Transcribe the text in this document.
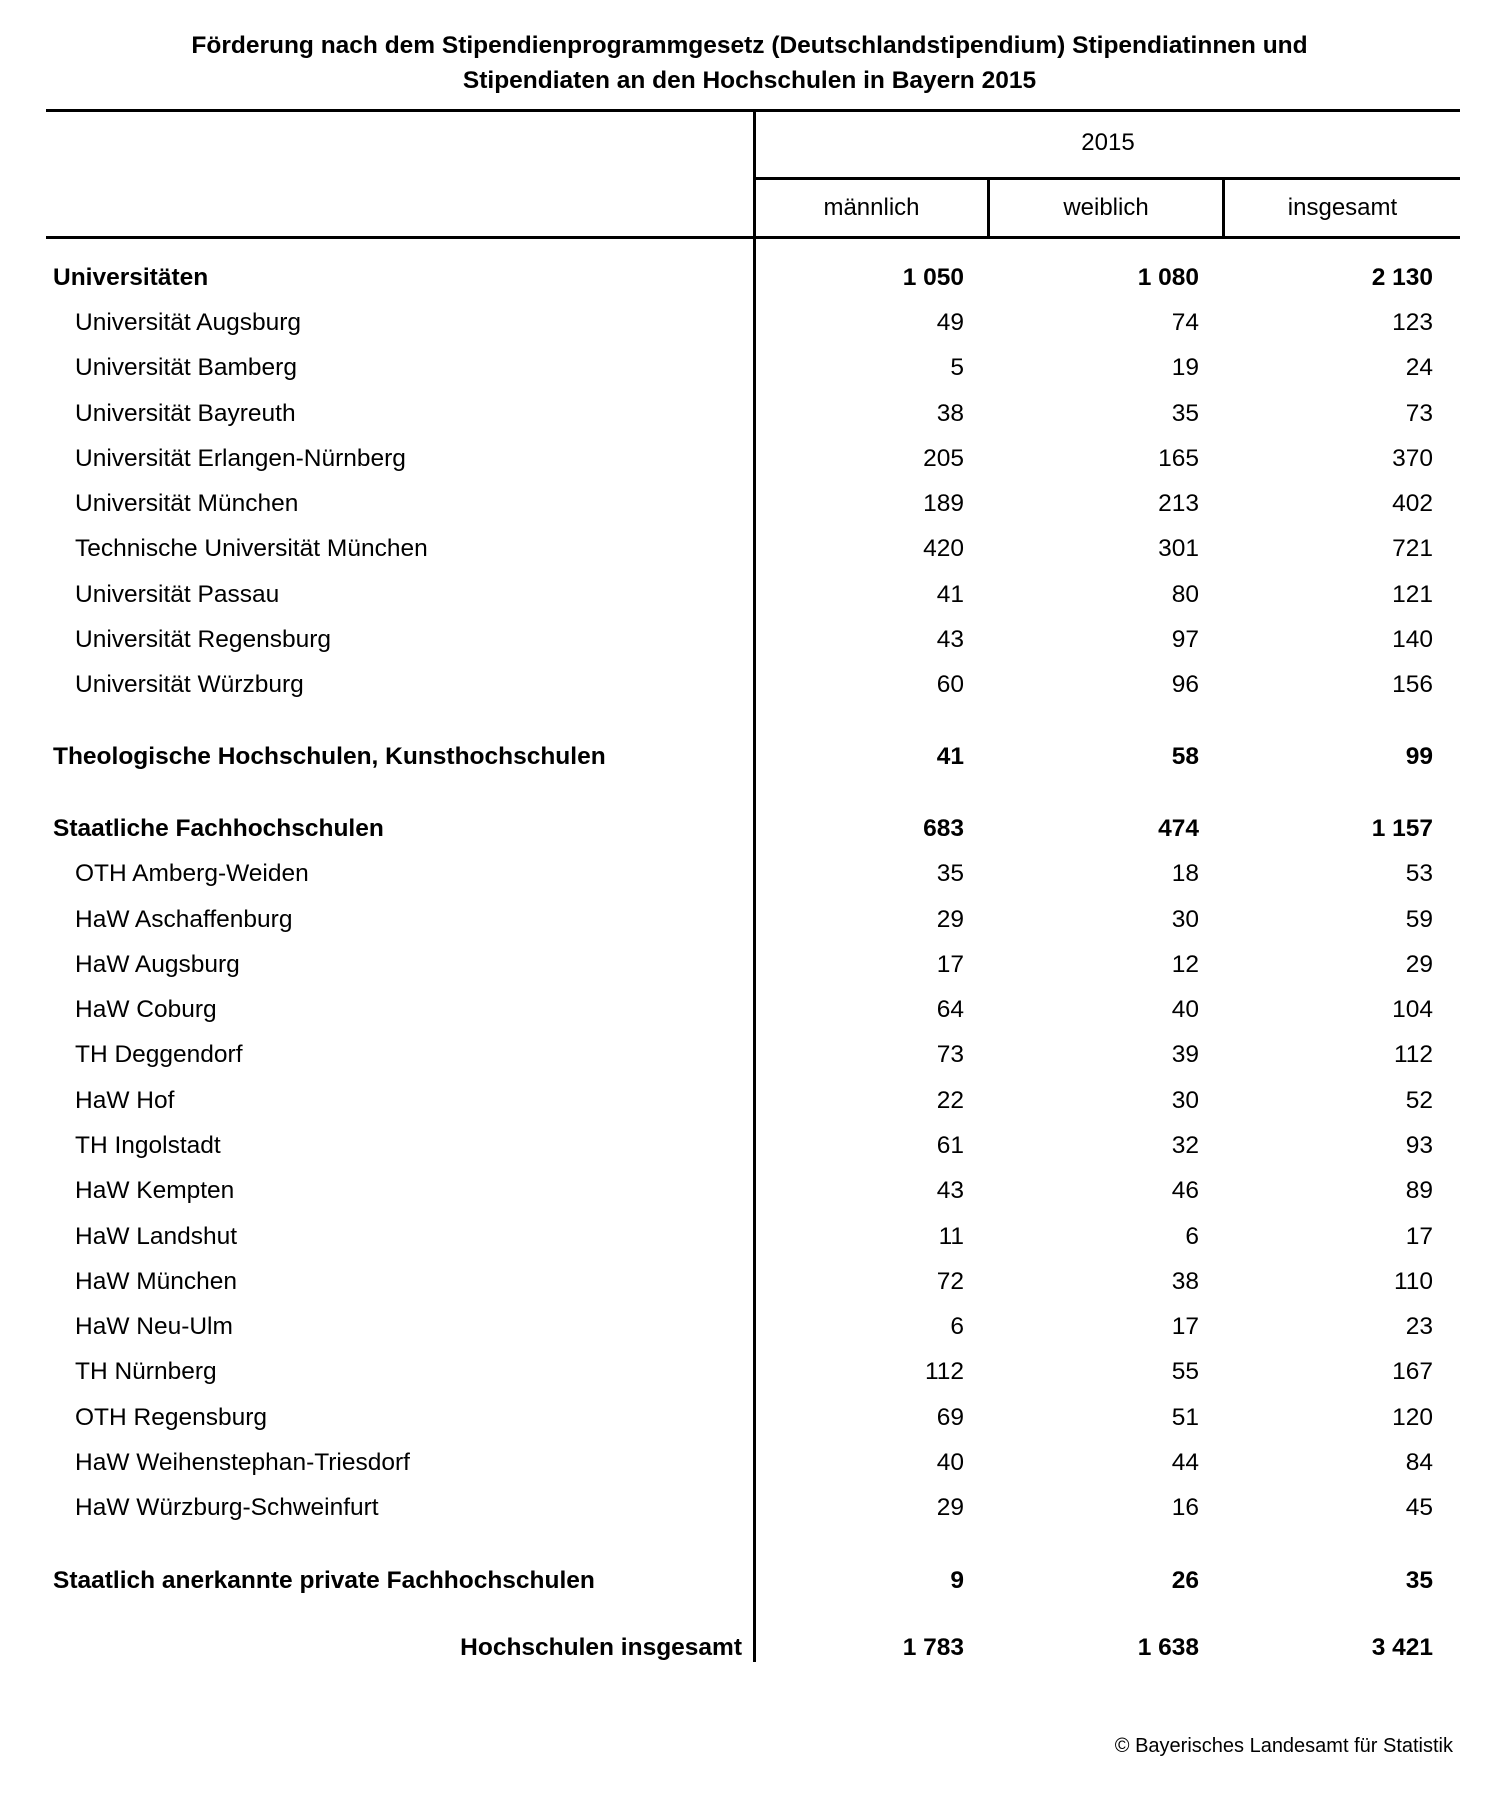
Förderung nach dem Stipendienprogrammgesetz (Deutschlandstipendium) Stipendiatinnen und
Stipendiaten an den Hochschulen in Bayern 2015
2015
männlich	weiblich	insgesamt
Universitäten	1 050	1 080	2 130
Universität Augsburg	49	74	123
Universität Bamberg	5	19	24
Universität Bayreuth	38	35	73
Universität Erlangen-Nürnberg	205	165	370
Universität München	189	213	402
Technische Universität München	420	301	721
Universität Passau	41	80	121
Universität Regensburg	43	97	140
Universität Würzburg	60	96	156
Theologische Hochschulen, Kunsthochschulen	41	58	99
Staatliche Fachhochschulen	683	474	1 157
OTH Amberg-Weiden	35	18	53
HaW Aschaffenburg	29	30	59
HaW Augsburg	17	12	29
HaW Coburg	64	40	104
TH Deggendorf	73	39	112
HaW Hof	22	30	52
TH Ingolstadt	61	32	93
HaW Kempten	43	46	89
HaW Landshut	11	6	17
HaW München	72	38	110
HaW Neu-Ulm	6	17	23
TH Nürnberg	112	55	167
OTH Regensburg	69	51	120
HaW Weihenstephan-Triesdorf	40	44	84
HaW Würzburg-Schweinfurt	29	16	45
Staatlich anerkannte private Fachhochschulen	9	26	35
Hochschulen insgesamt	1 783	1 638	3 421
© Bayerisches Landesamt für Statistik
